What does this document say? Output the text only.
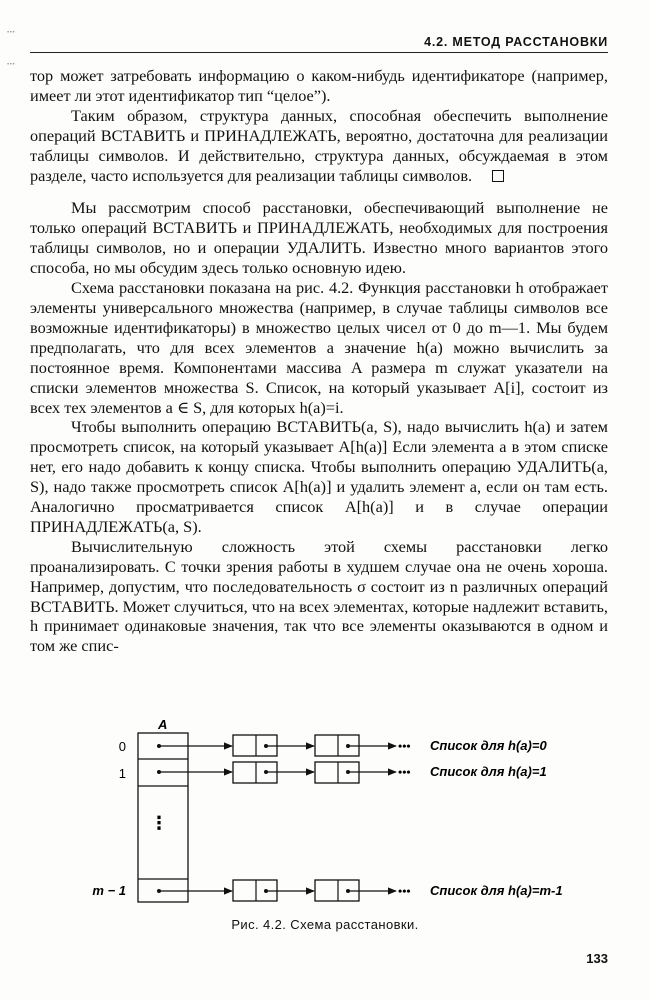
4.2. МЕТОД РАССТАНОВКИ
⁝
⁝

тор может затребовать информацию о каком-нибудь идентификаторе (например, имеет ли этот идентификатор тип “целое”).

Таким образом, структура данных, способная обеспечить выполнение операций ВСТАВИТЬ и ПРИНАДЛЕЖАТЬ, вероятно, достаточна для реализации таблицы символов. И действительно, структура данных, обсуждаемая в этом разделе, часто используется для реализации таблицы символов.

Мы рассмотрим способ расстановки, обеспечивающий выполнение не только операций ВСТАВИТЬ и ПРИНАДЛЕЖАТЬ, необходимых для построения таблицы символов, но и операции УДАЛИТЬ. Известно много вариантов этого способа, но мы обсудим здесь только основную идею.

Схема расстановки показана на рис. 4.2. Функция расстановки h отображает элементы универсального множества (например, в случае таблицы символов все возможные идентификаторы) в множество целых чисел от 0 до m—1. Мы будем предполагать, что для всех элементов a значение h(a) можно вычислить за постоянное время. Компонентами массива A размера m служат указатели на списки элементов множества S. Список, на который указывает A[i], состоит из всех тех элементов a ∈ S, для которых h(a)=i.

Чтобы выполнить операцию ВСТАВИТЬ(a, S), надо вычислить h(a) и затем просмотреть список, на который указывает A[h(a)] Если элемента a в этом списке нет, его надо добавить к концу списка. Чтобы выполнить операцию УДАЛИТЬ(a, S), надо также просмотреть список A[h(a)] и удалить элемент a, если он там есть. Аналогично просматривается список A[h(a)] и в случае операции ПРИНАДЛЕЖАТЬ(a, S).

Вычислительную сложность этой схемы расстановки легко проанализировать. С точки зрения работы в худшем случае она не очень хороша. Например, допустим, что последовательность σ состоит из n различных операций ВСТАВИТЬ. Может случиться, что на всех элементах, которые надлежит вставить, h принимает одинаковые значения, так что все элементы оказываются в одном и том же спис-

A
0
1
m − 1
⋮
••• Список для h(a)=0
••• Список для h(a)=1
••• Список для h(a)=m-1
Рис. 4.2. Схема расстановки.
133
